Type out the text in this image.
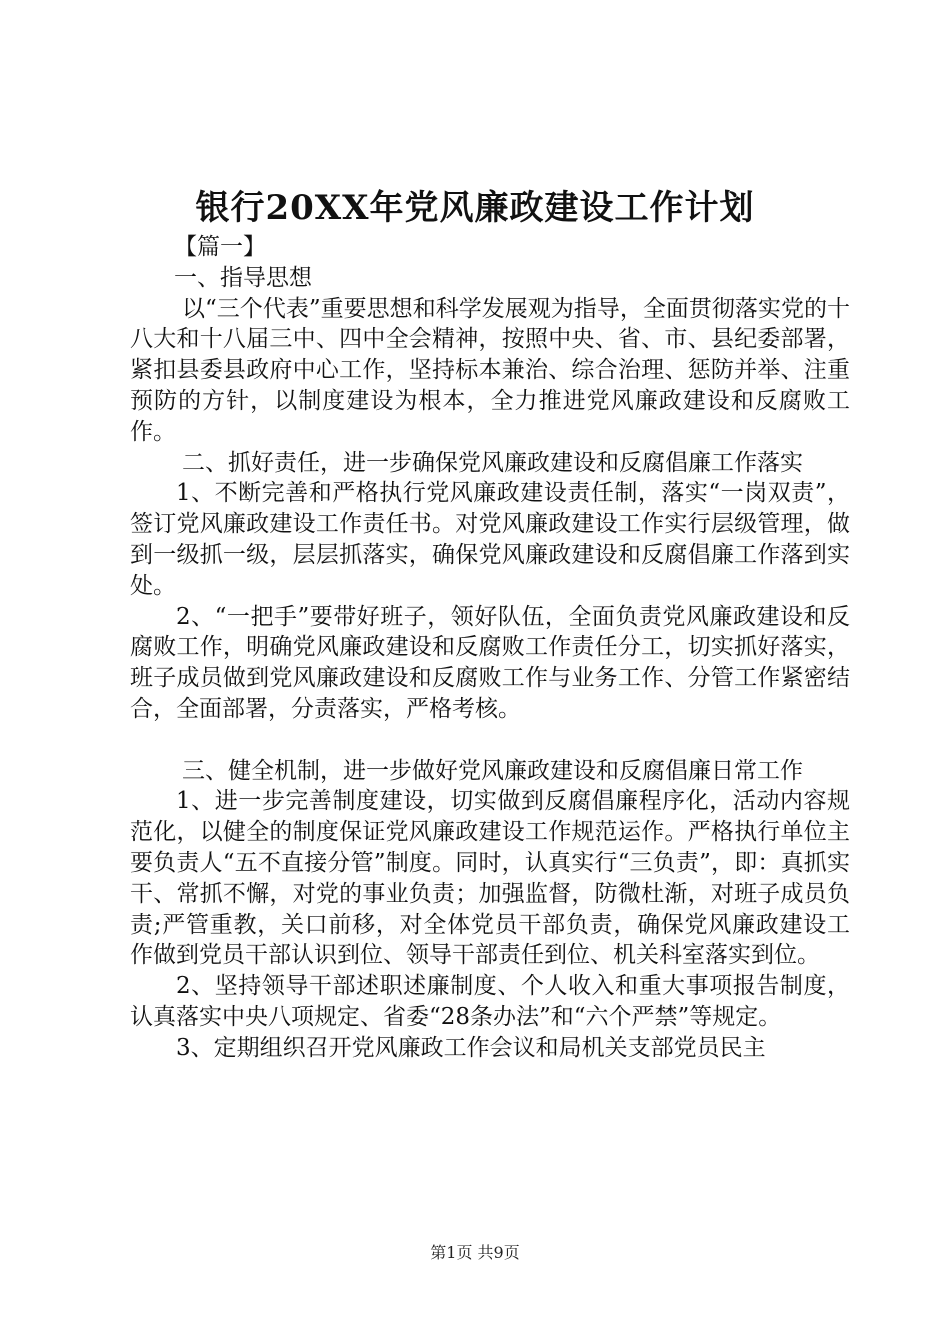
银行20XX年党风廉政建设工作计划

【篇一】

一、指导思想

以“三个代表”重要思想和科学发展观为指导，全面贯彻落实党的十八大和十八届三中、四中全会精神，按照中央、省、市、县纪委部署，紧扣县委县政府中心工作，坚持标本兼治、综合治理、惩防并举、注重预防的方针，以制度建设为根本，全力推进党风廉政建设和反腐败工作。

二、抓好责任，进一步确保党风廉政建设和反腐倡廉工作落实

1、不断完善和严格执行党风廉政建设责任制，落实“一岗双责”，签订党风廉政建设工作责任书。对党风廉政建设工作实行层级管理，做到一级抓一级，层层抓落实，确保党风廉政建设和反腐倡廉工作落到实处。

2、“一把手”要带好班子，领好队伍，全面负责党风廉政建设和反腐败工作，明确党风廉政建设和反腐败工作责任分工，切实抓好落实，班子成员做到党风廉政建设和反腐败工作与业务工作、分管工作紧密结合，全面部署，分责落实，严格考核。

三、健全机制，进一步做好党风廉政建设和反腐倡廉日常工作

1、进一步完善制度建设，切实做到反腐倡廉程序化，活动内容规范化，以健全的制度保证党风廉政建设工作规范运作。严格执行单位主要负责人“五不直接分管”制度。同时，认真实行“三负责”，即：真抓实干、常抓不懈，对党的事业负责；加强监督，防微杜渐，对班子成员负责;严管重教，关口前移，对全体党员干部负责，确保党风廉政建设工作做到党员干部认识到位、领导干部责任到位、机关科室落实到位。

2、坚持领导干部述职述廉制度、个人收入和重大事项报告制度，认真落实中央八项规定、省委“28条办法”和“六个严禁”等规定。

3、定期组织召开党风廉政工作会议和局机关支部党员民主

第1页 共9页
